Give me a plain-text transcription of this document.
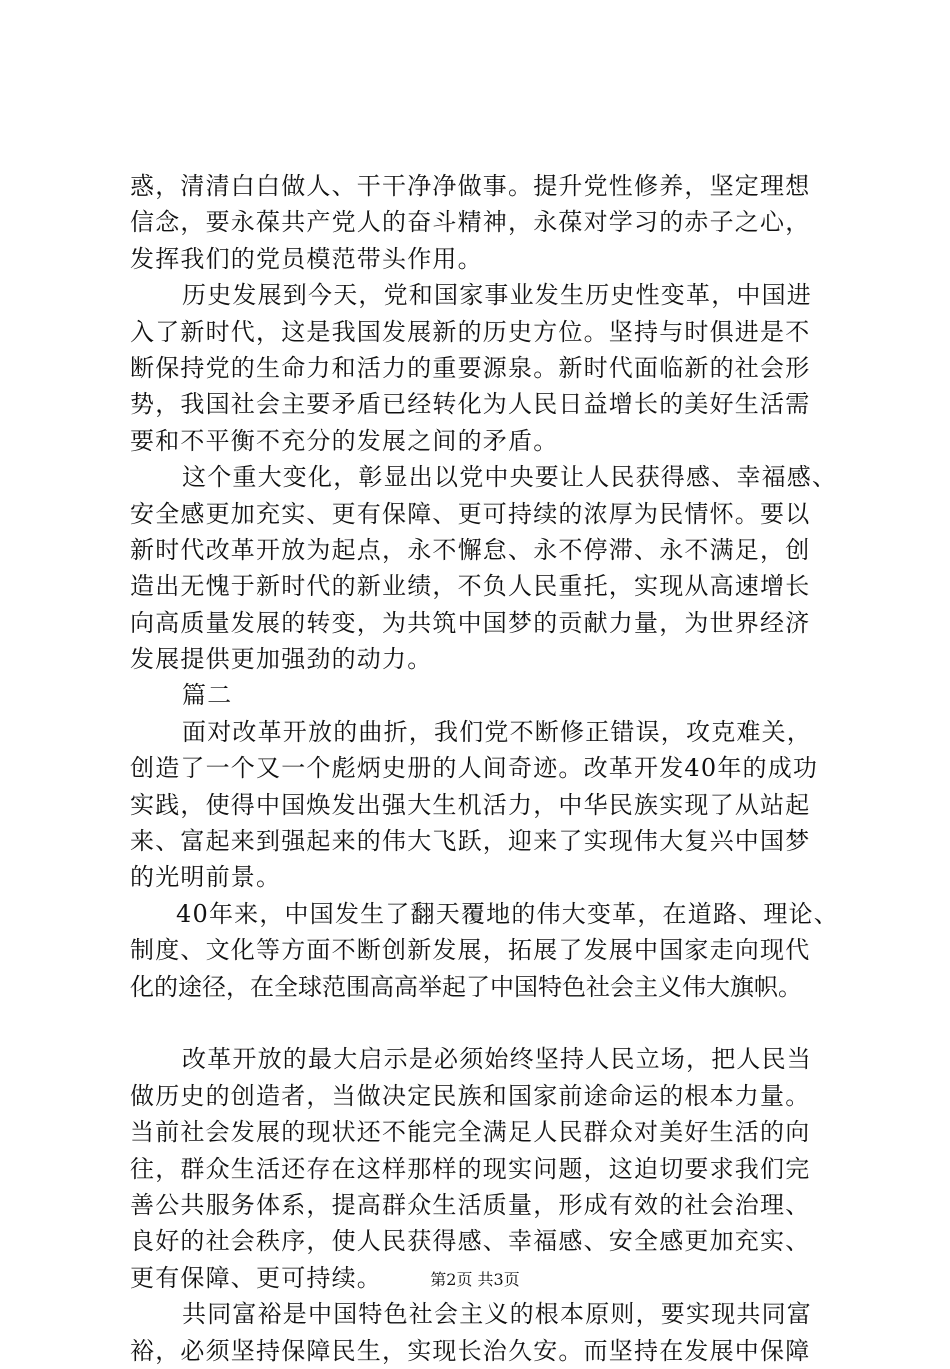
惑，清清白白做人、干干净净做事。提升党性修养，坚定理想
信念，要永葆共产党人的奋斗精神，永葆对学习的赤子之心，
发挥我们的党员模范带头作用。
历史发展到今天，党和国家事业发生历史性变革，中国进
入了新时代，这是我国发展新的历史方位。坚持与时俱进是不
断保持党的生命力和活力的重要源泉。新时代面临新的社会形
势，我国社会主要矛盾已经转化为人民日益增长的美好生活需
要和不平衡不充分的发展之间的矛盾。
这个重大变化，彰显出以党中央要让人民获得感、幸福感、
安全感更加充实、更有保障、更可持续的浓厚为民情怀。要以
新时代改革开放为起点，永不懈怠、永不停滞、永不满足，创
造出无愧于新时代的新业绩，不负人民重托，实现从高速增长
向高质量发展的转变，为共筑中国梦的贡献力量，为世界经济
发展提供更加强劲的动力。
篇二
面对改革开放的曲折，我们党不断修正错误，攻克难关，
创造了一个又一个彪炳史册的人间奇迹。改革开发40年的成功
实践，使得中国焕发出强大生机活力，中华民族实现了从站起
来、富起来到强起来的伟大飞跃，迎来了实现伟大复兴中国梦
的光明前景。
40年来，中国发生了翻天覆地的伟大变革，在道路、理论、
制度、文化等方面不断创新发展，拓展了发展中国家走向现代
化的途径，在全球范围高高举起了中国特色社会主义伟大旗帜。
改革开放的最大启示是必须始终坚持人民立场，把人民当
做历史的创造者，当做决定民族和国家前途命运的根本力量。
当前社会发展的现状还不能完全满足人民群众对美好生活的向
往，群众生活还存在这样那样的现实问题，这迫切要求我们完
善公共服务体系，提高群众生活质量，形成有效的社会治理、
良好的社会秩序，使人民获得感、幸福感、安全感更加充实、
更有保障、更可持续。
共同富裕是中国特色社会主义的根本原则，要实现共同富
裕，必须坚持保障民生，实现长治久安。而坚持在发展中保障
第2页 共3页
